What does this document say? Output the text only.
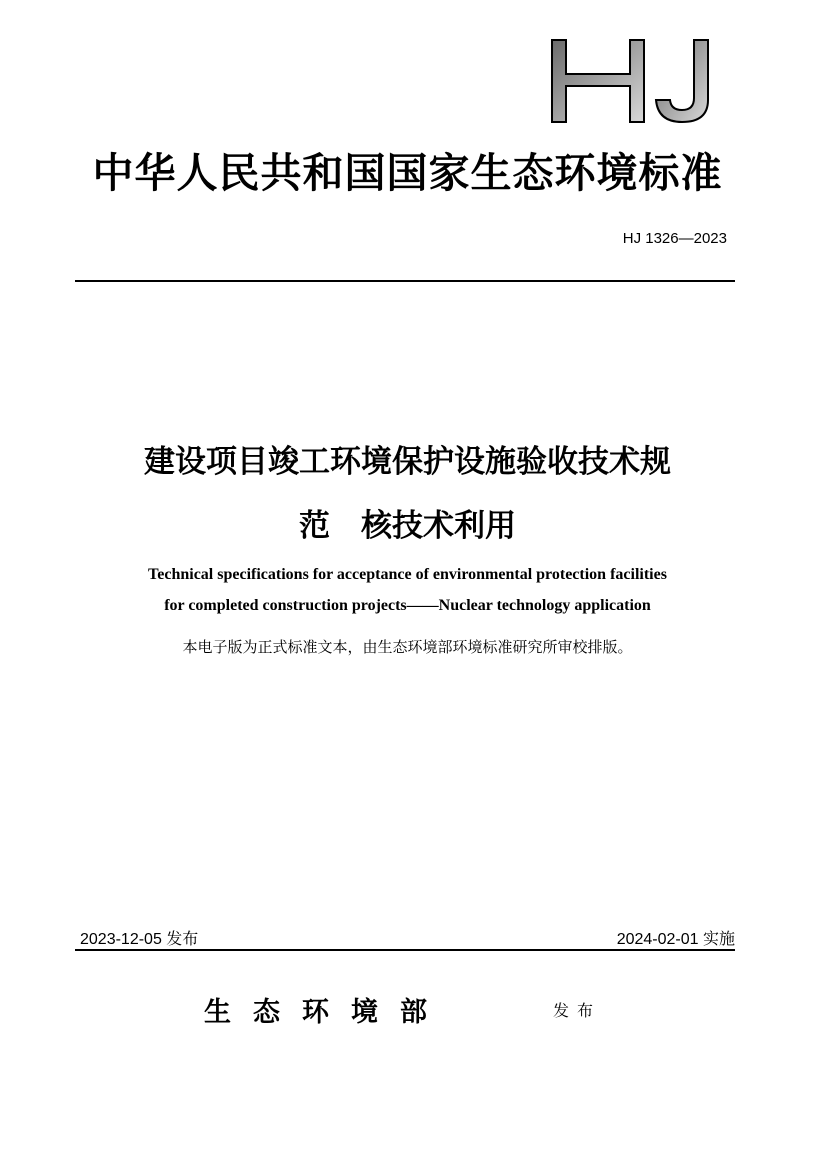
中华人民共和国国家生态环境标准
HJ 1326—2023
建设项目竣工环境保护设施验收技术规
范　核技术利用
Technical specifications for acceptance of environmental protection facilities
for completed construction projects——Nuclear technology application
本电子版为正式标准文本，由生态环境部环境标准研究所审校排版。
2023-12-05 发布	2024-02-01 实施
生态环境部	发布
